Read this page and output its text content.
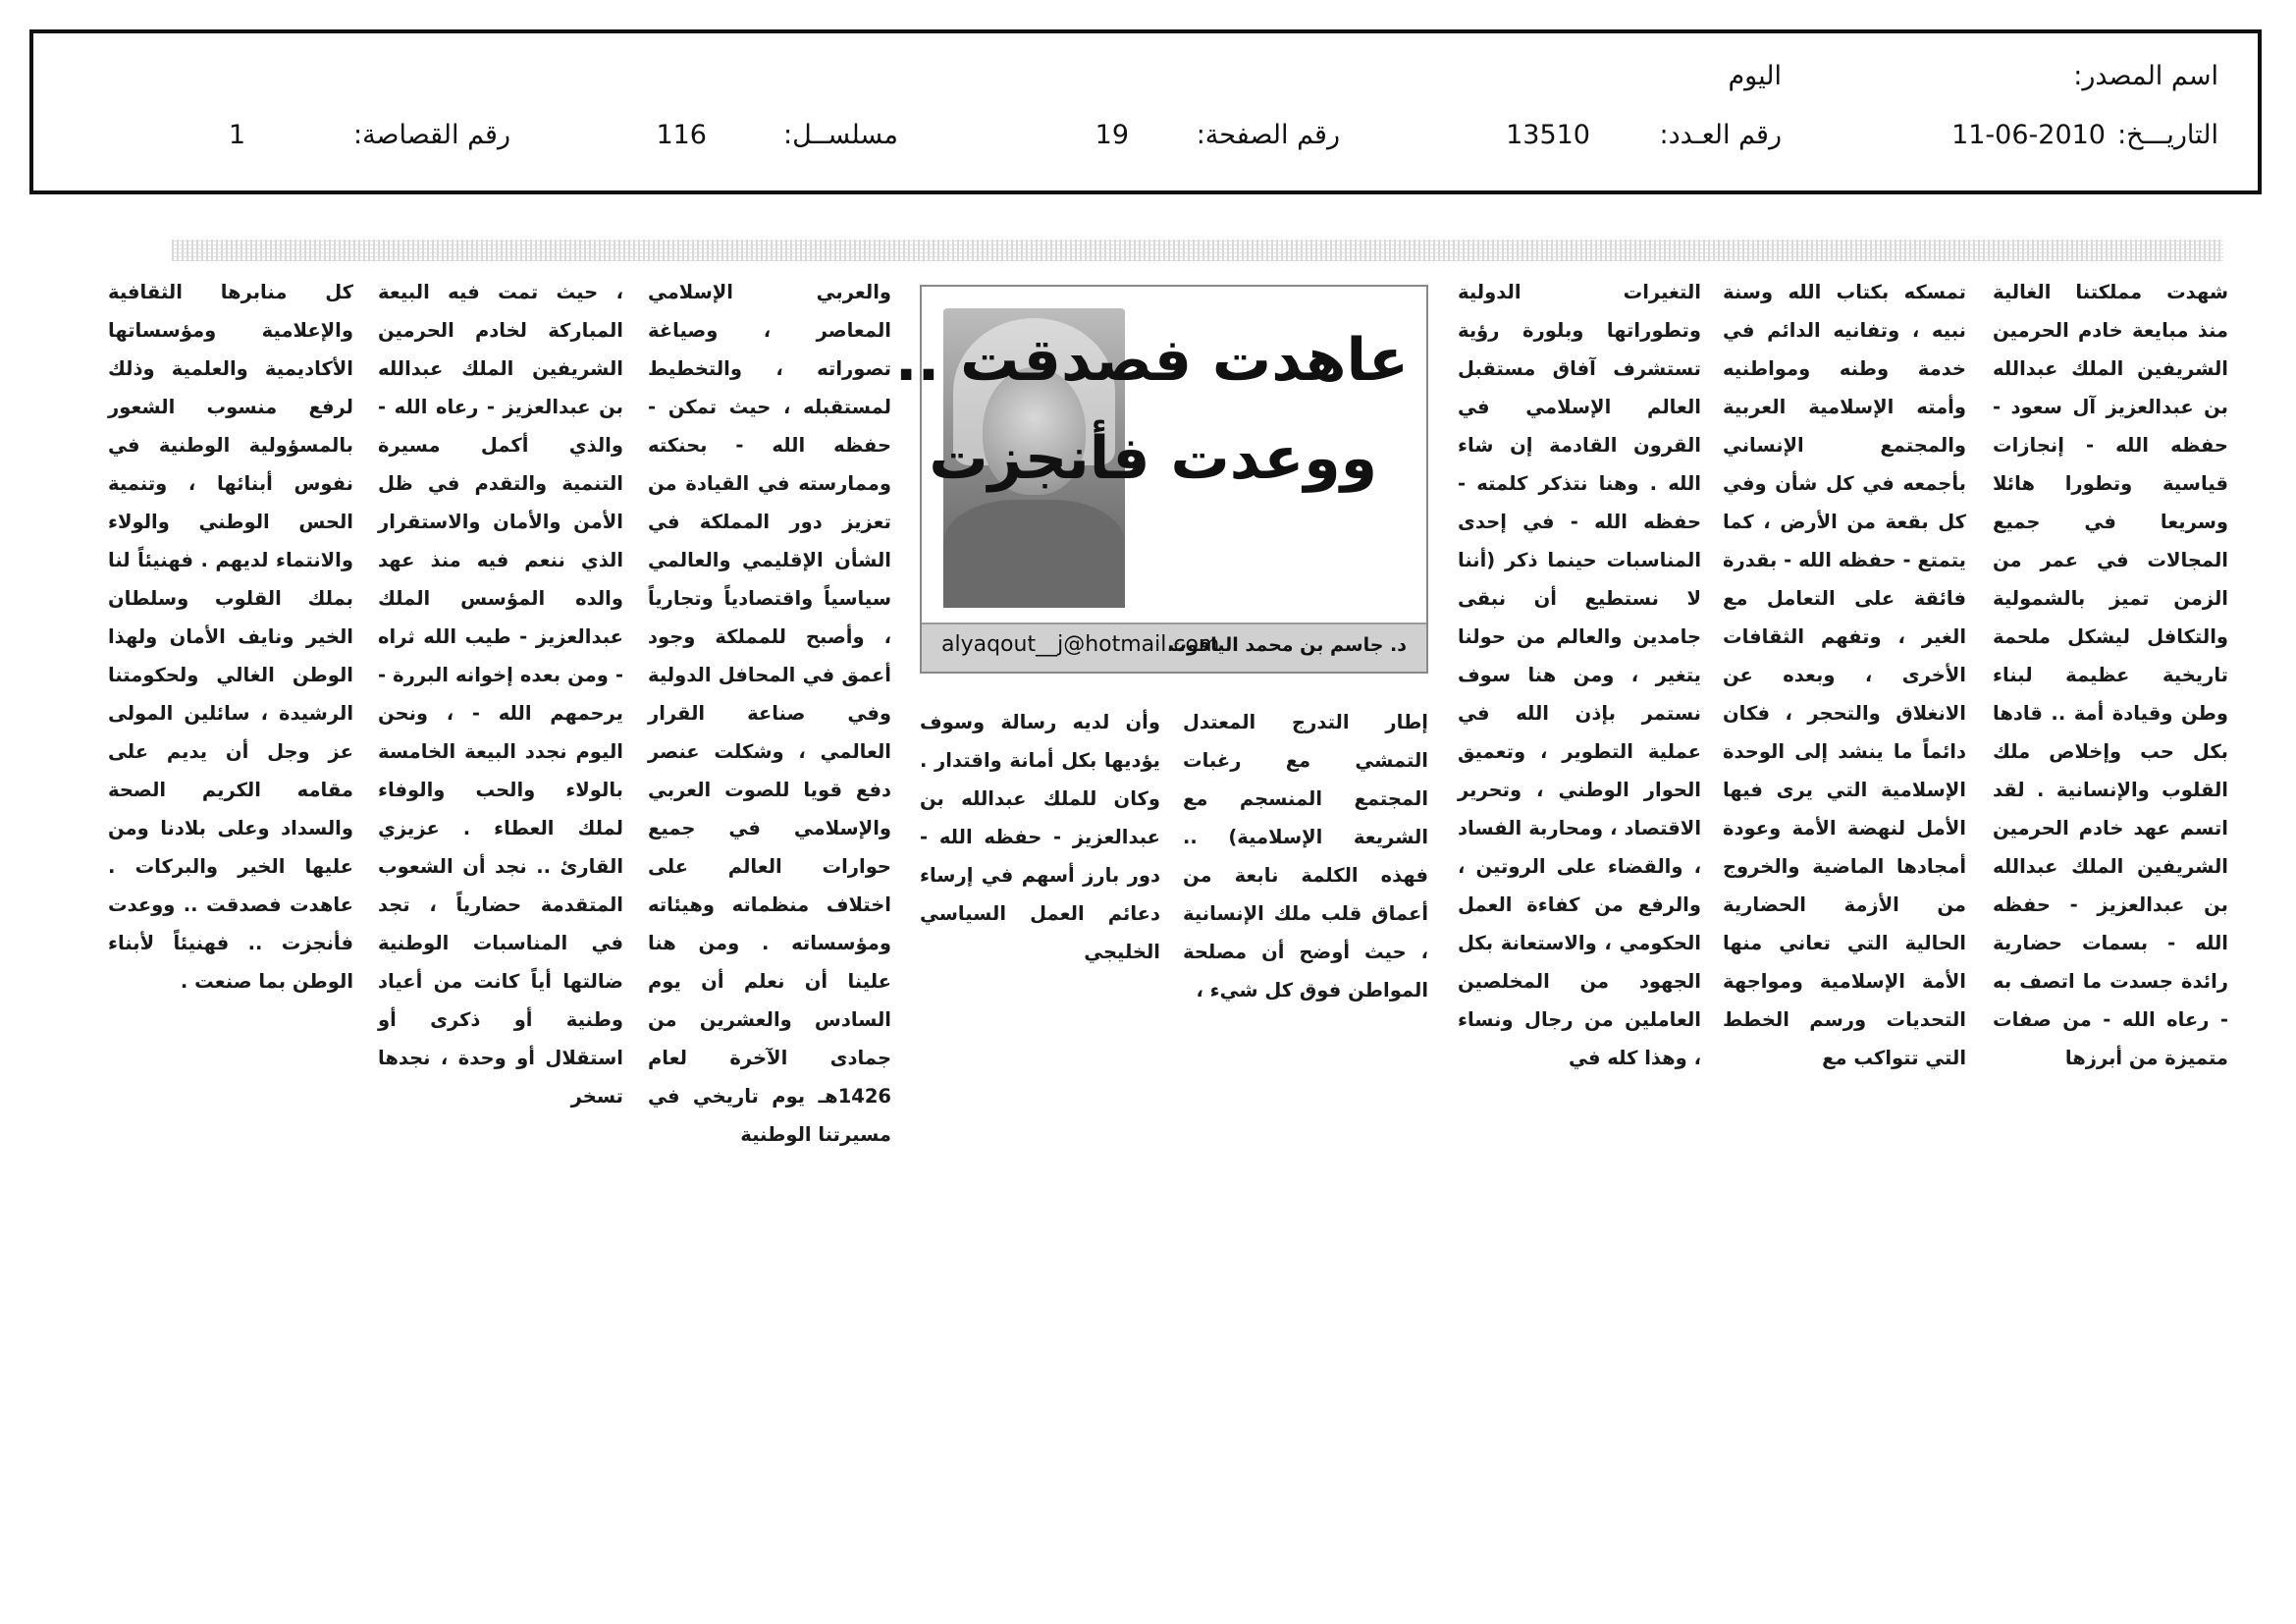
اسم المصدر:
اليوم
التاريـــخ:
11-06-2010
رقم العـدد:
13510
رقم الصفحة:
19
مسلســل:
116
رقم القصاصة:
1

شهدت مملكتنا الغالية منذ مبايعة خادم الحرمين الشريفين الملك عبدالله بن عبدالعزيز آل سعود - حفظه الله - إنجازات قياسية وتطورا هائلا وسريعا في جميع المجالات في عمر من الزمن تميز بالشمولية والتكافل ليشكل ملحمة تاريخية عظيمة لبناء وطن وقيادة أمة .. قادها بكل حب وإخلاص ملك القلوب والإنسانية . لقد اتسم عهد خادم الحرمين الشريفين الملك عبدالله بن عبدالعزيز - حفظه الله - بسمات حضارية رائدة جسدت ما اتصف به - رعاه الله - من صفات متميزة من أبرزها

تمسكه بكتاب الله وسنة نبيه ، وتفانيه الدائم في خدمة وطنه ومواطنيه وأمته الإسلامية العربية والمجتمع الإنساني بأجمعه في كل شأن وفي كل بقعة من الأرض ، كما يتمتع - حفظه الله - بقدرة فائقة على التعامل مع الغير ، وتفهم الثقافات الأخرى ، وبعده عن الانغلاق والتحجر ، فكان دائماً ما ينشد إلى الوحدة الإسلامية التي يرى فيها الأمل لنهضة الأمة وعودة أمجادها الماضية والخروج من الأزمة الحضارية الحالية التي تعاني منها الأمة الإسلامية ومواجهة التحديات ورسم الخطط التي تتواكب مع

التغيرات الدولية وتطوراتها وبلورة رؤية تستشرف آفاق مستقبل العالم الإسلامي في القرون القادمة إن شاء الله . وهنا نتذكر كلمته - حفظه الله - في إحدى المناسبات حينما ذكر (أننا لا نستطيع أن نبقى جامدين والعالم من حولنا يتغير ، ومن هنا سوف نستمر بإذن الله في عملية التطوير ، وتعميق الحوار الوطني ، وتحرير الاقتصاد ، ومحاربة الفساد ، والقضاء على الروتين ، والرفع من كفاءة العمل الحكومي ، والاستعانة بكل الجهود من المخلصين العاملين من رجال ونساء ، وهذا كله في

عاهدت فصدقت ..
ووعدت فأنجزت
alyaqout__j@hotmail.com
د. جاسم بن محمد الياقوت

إطار التدرج المعتدل التمشي مع رغبات المجتمع المنسجم مع الشريعة الإسلامية) .. فهذه الكلمة نابعة من أعماق قلب ملك الإنسانية ، حيث أوضح أن مصلحة المواطن فوق كل شيء ،

وأن لديه رسالة وسوف يؤديها بكل أمانة واقتدار . وكان للملك عبدالله بن عبدالعزيز - حفظه الله - دور بارز أسهم في إرساء دعائم العمل السياسي الخليجي

والعربي الإسلامي المعاصر ، وصياغة تصوراته ، والتخطيط لمستقبله ، حيث تمكن - حفظه الله - بحنكته وممارسته في القيادة من تعزيز دور المملكة في الشأن الإقليمي والعالمي سياسياً واقتصادياً وتجارياً ، وأصبح للمملكة وجود أعمق في المحافل الدولية وفي صناعة القرار العالمي ، وشكلت عنصر دفع قويا للصوت العربي والإسلامي في جميع حوارات العالم على اختلاف منظماته وهيئاته ومؤسساته . ومن هنا علينا أن نعلم أن يوم السادس والعشرين من جمادى الآخرة لعام 1426هـ يوم تاريخي في مسيرتنا الوطنية

، حيث تمت فيه البيعة المباركة لخادم الحرمين الشريفين الملك عبدالله بن عبدالعزيز - رعاه الله - والذي أكمل مسيرة التنمية والتقدم في ظل الأمن والأمان والاستقرار الذي ننعم فيه منذ عهد والده المؤسس الملك عبدالعزيز - طيب الله ثراه - ومن بعده إخوانه البررة - يرحمهم الله - ، ونحن اليوم نجدد البيعة الخامسة بالولاء والحب والوفاء لملك العطاء . عزيزي القارئ .. نجد أن الشعوب المتقدمة حضارياً ، تجد في المناسبات الوطنية ضالتها أياً كانت من أعياد وطنية أو ذكرى أو استقلال أو وحدة ، نجدها تسخر

كل منابرها الثقافية والإعلامية ومؤسساتها الأكاديمية والعلمية وذلك لرفع منسوب الشعور بالمسؤولية الوطنية في نفوس أبنائها ، وتنمية الحس الوطني والولاء والانتماء لديهم . فهنيئاً لنا بملك القلوب وسلطان الخير ونايف الأمان ولهذا الوطن الغالي ولحكومتنا الرشيدة ، سائلين المولى عز وجل أن يديم على مقامه الكريم الصحة والسداد وعلى بلادنا ومن عليها الخير والبركات . عاهدت فصدقت .. ووعدت فأنجزت .. فهنيئاً لأبناء الوطن بما صنعت .
